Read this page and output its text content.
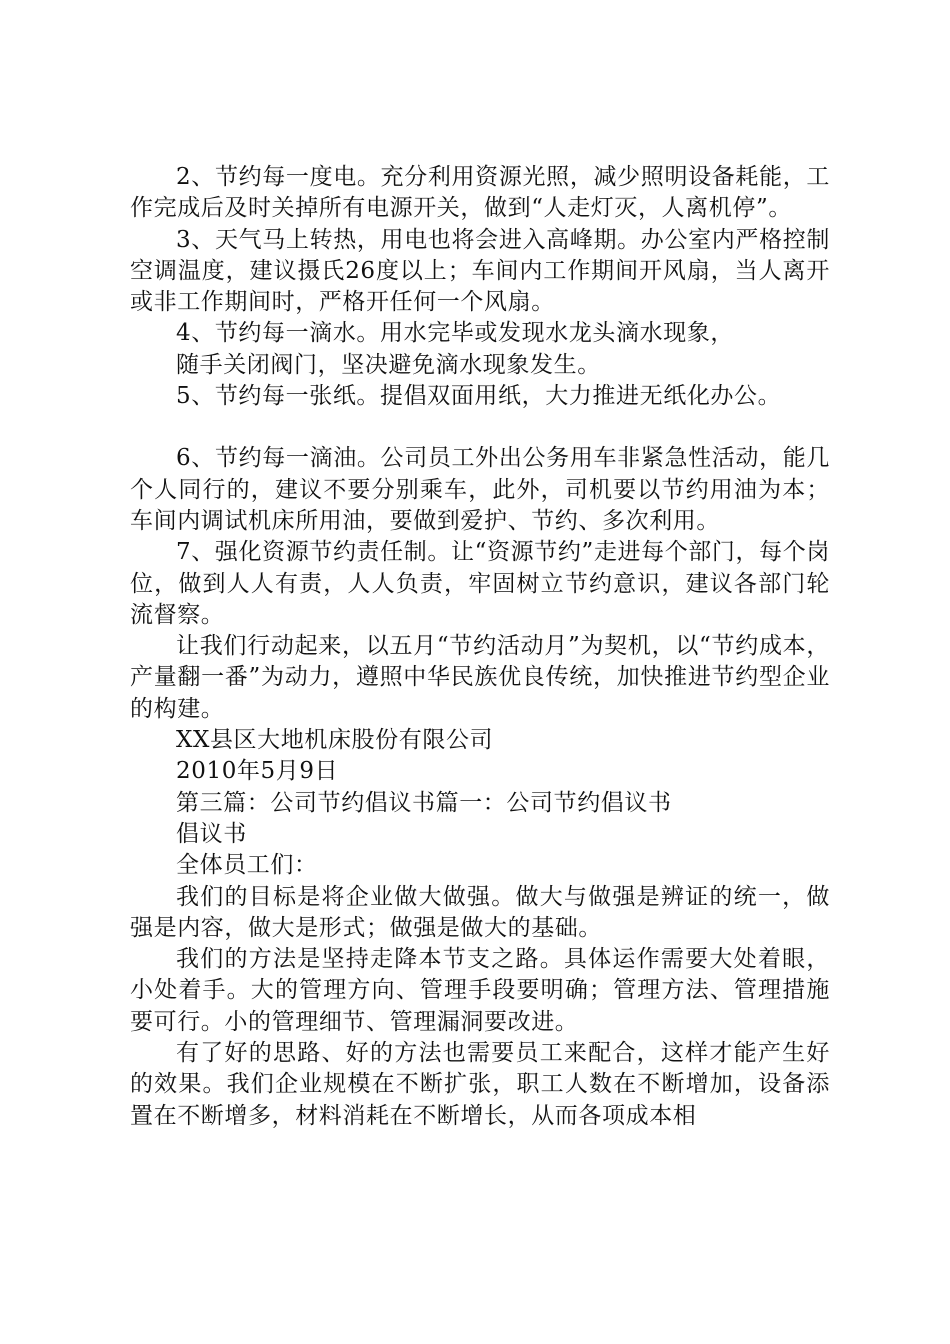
2、节约每一度电。充分利用资源光照，减少照明设备耗能，工作完成后及时关掉所有电源开关，做到“人走灯灭，人离机停”。

3、天气马上转热，用电也将会进入高峰期。办公室内严格控制空调温度，建议摄氏26度以上；车间内工作期间开风扇，当人离开或非工作期间时，严格开任何一个风扇。

4、节约每一滴水。用水完毕或发现水龙头滴水现象，

随手关闭阀门，坚决避免滴水现象发生。

5、节约每一张纸。提倡双面用纸，大力推进无纸化办公。

6、节约每一滴油。公司员工外出公务用车非紧急性活动，能几个人同行的，建议不要分别乘车，此外，司机要以节约用油为本；车间内调试机床所用油，要做到爱护、节约、多次利用。

7、强化资源节约责任制。让“资源节约”走进每个部门，每个岗位，做到人人有责，人人负责，牢固树立节约意识，建议各部门轮流督察。

让我们行动起来，以五月“节约活动月”为契机，以“节约成本，产量翻一番”为动力，遵照中华民族优良传统，加快推进节约型企业的构建。

XX县区大地机床股份有限公司

2010年5月9日

第三篇：公司节约倡议书篇一：公司节约倡议书

倡议书

全体员工们：

我们的目标是将企业做大做强。做大与做强是辨证的统一，做强是内容，做大是形式；做强是做大的基础。

我们的方法是坚持走降本节支之路。具体运作需要大处着眼，小处着手。大的管理方向、管理手段要明确；管理方法、管理措施要可行。小的管理细节、管理漏洞要改进。

有了好的思路、好的方法也需要员工来配合，这样才能产生好的效果。我们企业规模在不断扩张，职工人数在不断增加，设备添置在不断增多，材料消耗在不断增长，从而各项成本相
